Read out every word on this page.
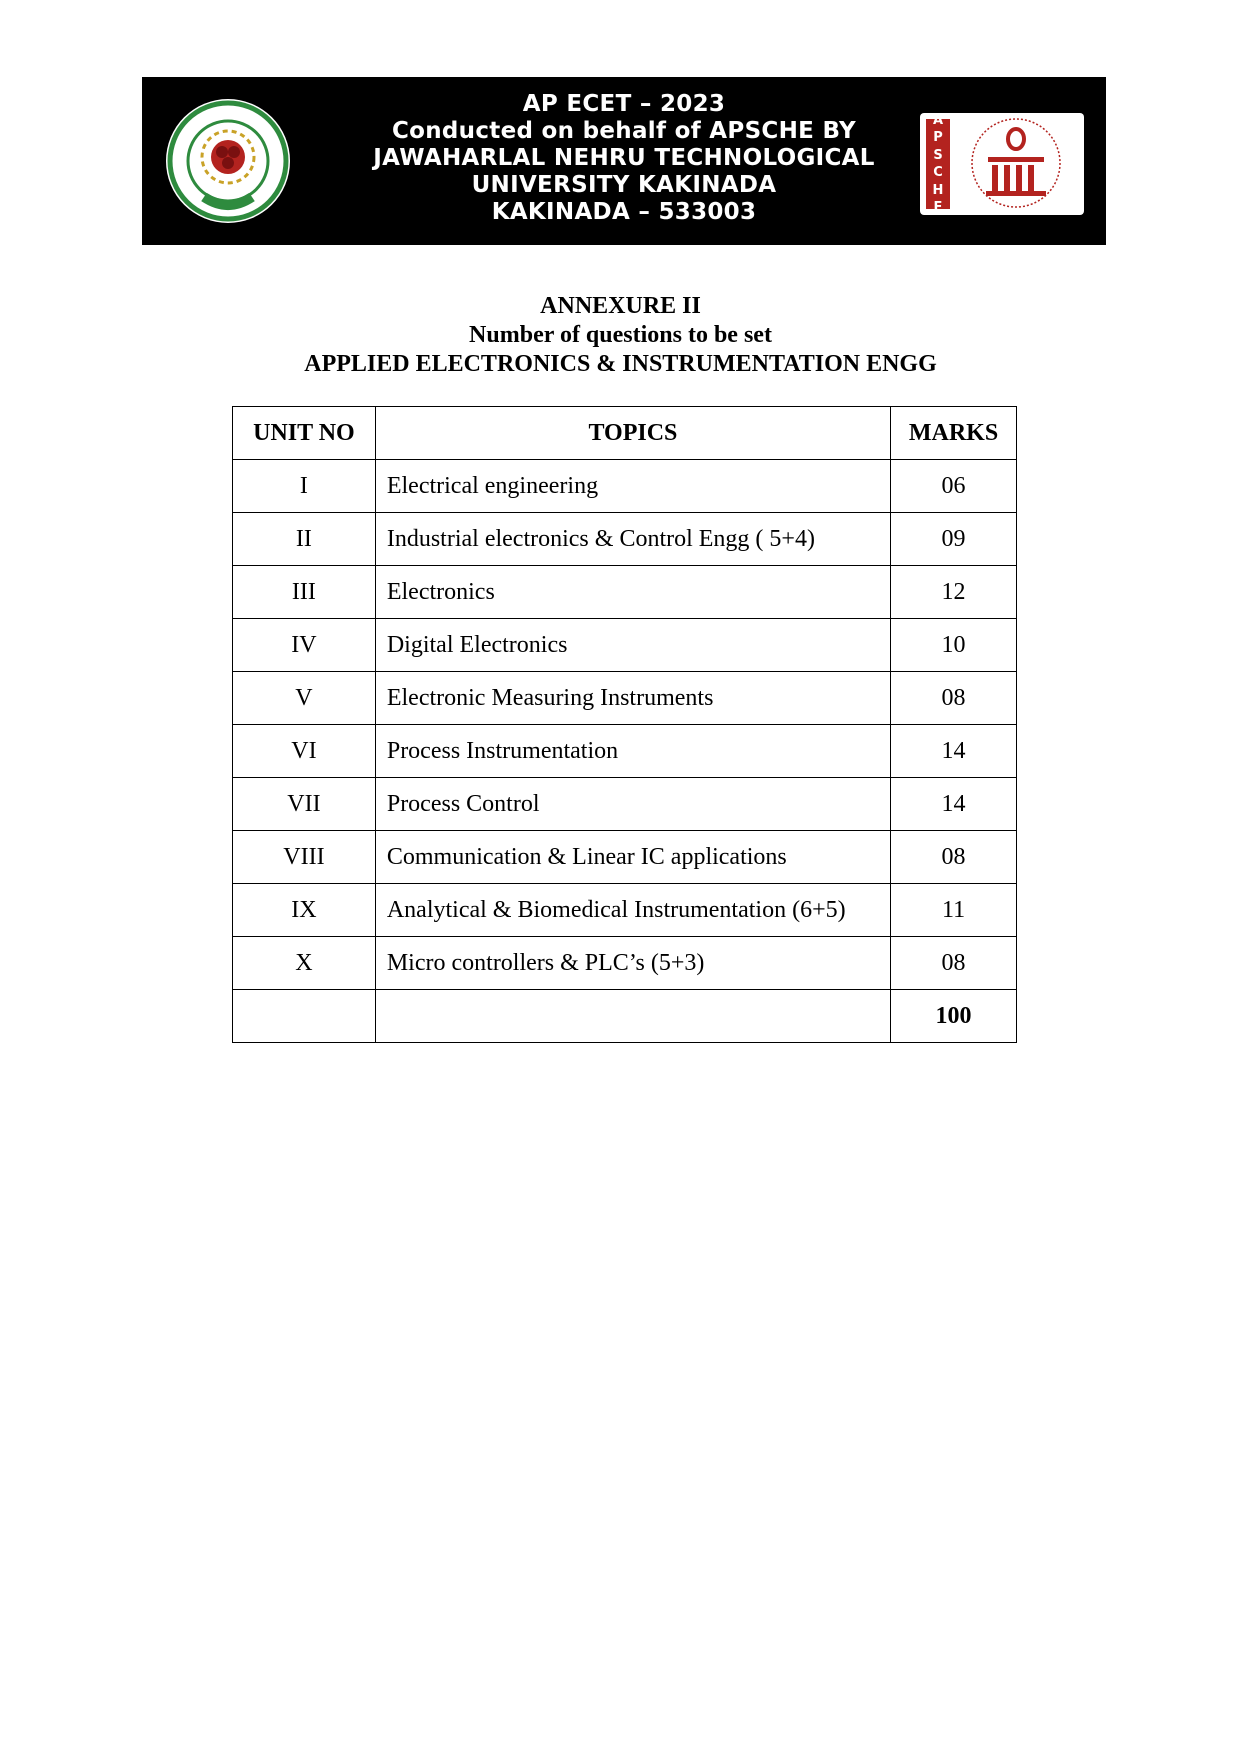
AP ECET – 2023
Conducted on behalf of APSCHE BY
JAWAHARLAL NEHRU TECHNOLOGICAL
UNIVERSITY KAKINADA
KAKINADA – 533003
A
P
S
C
H
E
ANNEXURE II
Number of questions to be set
APPLIED ELECTRONICS & INSTRUMENTATION ENGG
UNIT NO	TOPICS	MARKS
I	Electrical engineering	06
II	Industrial electronics & Control Engg ( 5+4)	09
III	Electronics	12
IV	Digital Electronics	10
V	Electronic Measuring Instruments	08
VI	Process Instrumentation	14
VII	Process Control	14
VIII	Communication & Linear IC applications	08
IX	Analytical & Biomedical Instrumentation (6+5)	11
X	Micro controllers & PLC’s (5+3)	08
		100
